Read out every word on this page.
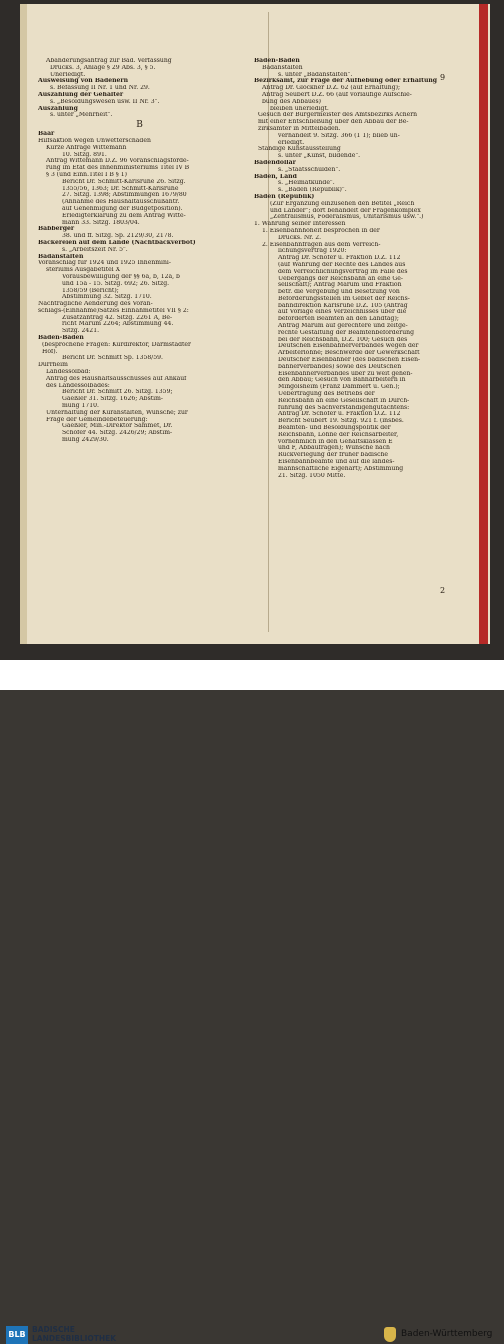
9
2
Abänderungsantrag zur Bad. Verfassung
Drucks. 3, Anlage § 29 Abs. 3, § 5.
Unerledigt.
Ausweisung von Badenern
s. Befassung II Nr. 1 und Nr. 29.
Auszahlung der Gehälter
s. „Besoldungswesen usw. II Nr. 3".
Auszählung
s. unter „Mehrheit".
B
Baar
Hilfsaktion wegen Unwetterschäden
Kurze Anfrage Wittemann
10. Sitzg. 891.
Antrag Wittemann D.Z. 96 Voranschlagsforde-
rung im Etat des Innenministeriums Titel IV B
§ 3 (und Einn.Titel I B § 1)
Bericht Dr. Schmitt-Karlsruhe 26. Sitzg.
1355/56, 1363; Dr. Schmitt-Karlsruhe
27. Sitzg. 1398; Abstimmungen 1679/80
(Annahme des Haushaltausschußantr.
auf Genehmigung der Budgetposition).
Erledigterklärung zu dem Antrag Witte-
mann 33. Sitzg. 1803/04.
Babberger
38. und ff. Sitzg. Sp. 2129/30, 2178.
Bäckereien auf dem Lande (Nachtbackverbot)
s. „Arbeitszeit Nr. 5".
Badanstalten
Voranschlag für 1924 und 1925 Innenmini-
steriums Ausgabetitel X
Vorausbewilligung der §§ 6a, b, 12a, b
und 15a - 15. Sitzg. 692; 26. Sitzg.
1358/59 (Bericht);
Abstimmung 32. Sitzg. 1710.
Nachträgliche Aenderung des Voran-
schlags-(Einnahme)Satzes Einnahmetitel VII § 2:
Zusatzantrag 42. Sitzg. 2261 A, Be-
richt Marum 2264; Abstimmung 44.
Sitzg. 2421.
Baden-Baden
(besprochene Fragen: Kurdirektor, Darmstädter
Hof).
Bericht Dr. Schmitt Sp. 1358/59.
Dürrheim
Landessolbad:
Antrag des Haushaltsausschusses auf Ankauf
des Landessolbades:
Bericht Dr. Schmitt 26. Sitzg. 1359;
Gaeßler 31. Sitzg. 1626; Abstim-
mung 1710.
Unterhaltung der Kuranstalten, Wünsche; zur
Frage der Gemeindebeteuerung:
Gaeßler, Min.-Direktor Sammet, Dr.
Schofer 44. Sitzg. 2426/29; Abstim-
mung 2429/30.
Baden-Baden
Badanstalten
s. unter „Badanstalten".
Bezirksamt, zur Frage der Aufhebung oder Erhaltung
Antrag Dr. Glöckner D.Z. 62 (auf Erhaltung);
Antrag Seubert D.Z. 66 (auf vorläufige Aufschie-
bung des Abbaues)
bleiben unerledigt.
Gesuch der Bürgermeister des Amtsbezirks Achern
mit einer Entschließung über den Abbau der Be-
zirksämter in Mittelbaden.
verhandelt 9. Sitzg. 366 (1 1); blieb un-
erledigt.
Ständige Kunstausstellung
s. unter „Kunst, bildende".
Badendollar
s. „Staatsschulden".
Baden, Land
s. „Heimatkunde".
s. „Baden (Republik)".
Baden (Republik)
(Zur Ergänzung einzusehen den Betitel „Reich
und Länder"; dort behandelt der Fragenkomplex
„Zentralismus, Föderalismus, Unitarismus usw.".)
1. Wahrung seiner Interessen
1. Eisenbahnhoheit besprochen in der
Drucks. Nr. 2.
2. Eisenbahnfragen aus dem Verreich-
lichungsvertrag 1920:
Antrag Dr. Schofer u. Fraktion D.Z. 112
(auf Wahrung der Rechte des Landes aus
dem Verreichlichungsvertrag im Falle des
Uebergangs der Reichsbahn an eine Ge-
sellschaft); Antrag Marum und Fraktion
betr. die Vergebung und Besetzung von
Beförderungsstellen im Gebiet der Reichs-
bahndirektion Karlsruhe D.Z. 105 (Antrag
auf Vorlage eines Verzeichnisses über die
beförderten Beamten an den Landtag);
Antrag Marum auf gerechtere und zeitge-
rechte Gestaltung der Beamtenbeförderung
bei der Reichsbahn, D.Z. 100; Gesuch des
Deutschen Eisenbahnerverbandes wegen der
Arbeiterlöhne; Beschwerde der Gewerkschaft
Deutscher Eisenbahner (des badischen Eisen-
bahnerverbandes) sowie des Deutschen
Eisenbahnerverbandes über zu weit gehen-
den Abbau; Gesuch von Bahnarbeitern in
Mingolsheim (Franz Dammert u. Gen.);
Uebertragung des Betriebs der
Reichsbahn an eine Gesellschaft in Durch-
führung des Sachverständigengutachtens:
Antrag Dr. Schofer u. Fraktion D.Z. 112
Bericht Seubert 19. Sitzg. 921 f. (insbes.
Beamten- und Besoldungspolitik der
Reichsbahn, Löhne der Reichsarbeiter,
vornehmlich in den Gehaltsklassen E
und F, Abbaufragen); Wünsche nach
Rückverlegung der früher badische
Eisenbahnbeamte und auf die landes-
mannschaftliche Eigenart); Abstimmung
21. Sitzg. 1050 Mitte.
BLB
BADISCHE
LANDESBIBLIOTHEK	Baden-Württemberg
